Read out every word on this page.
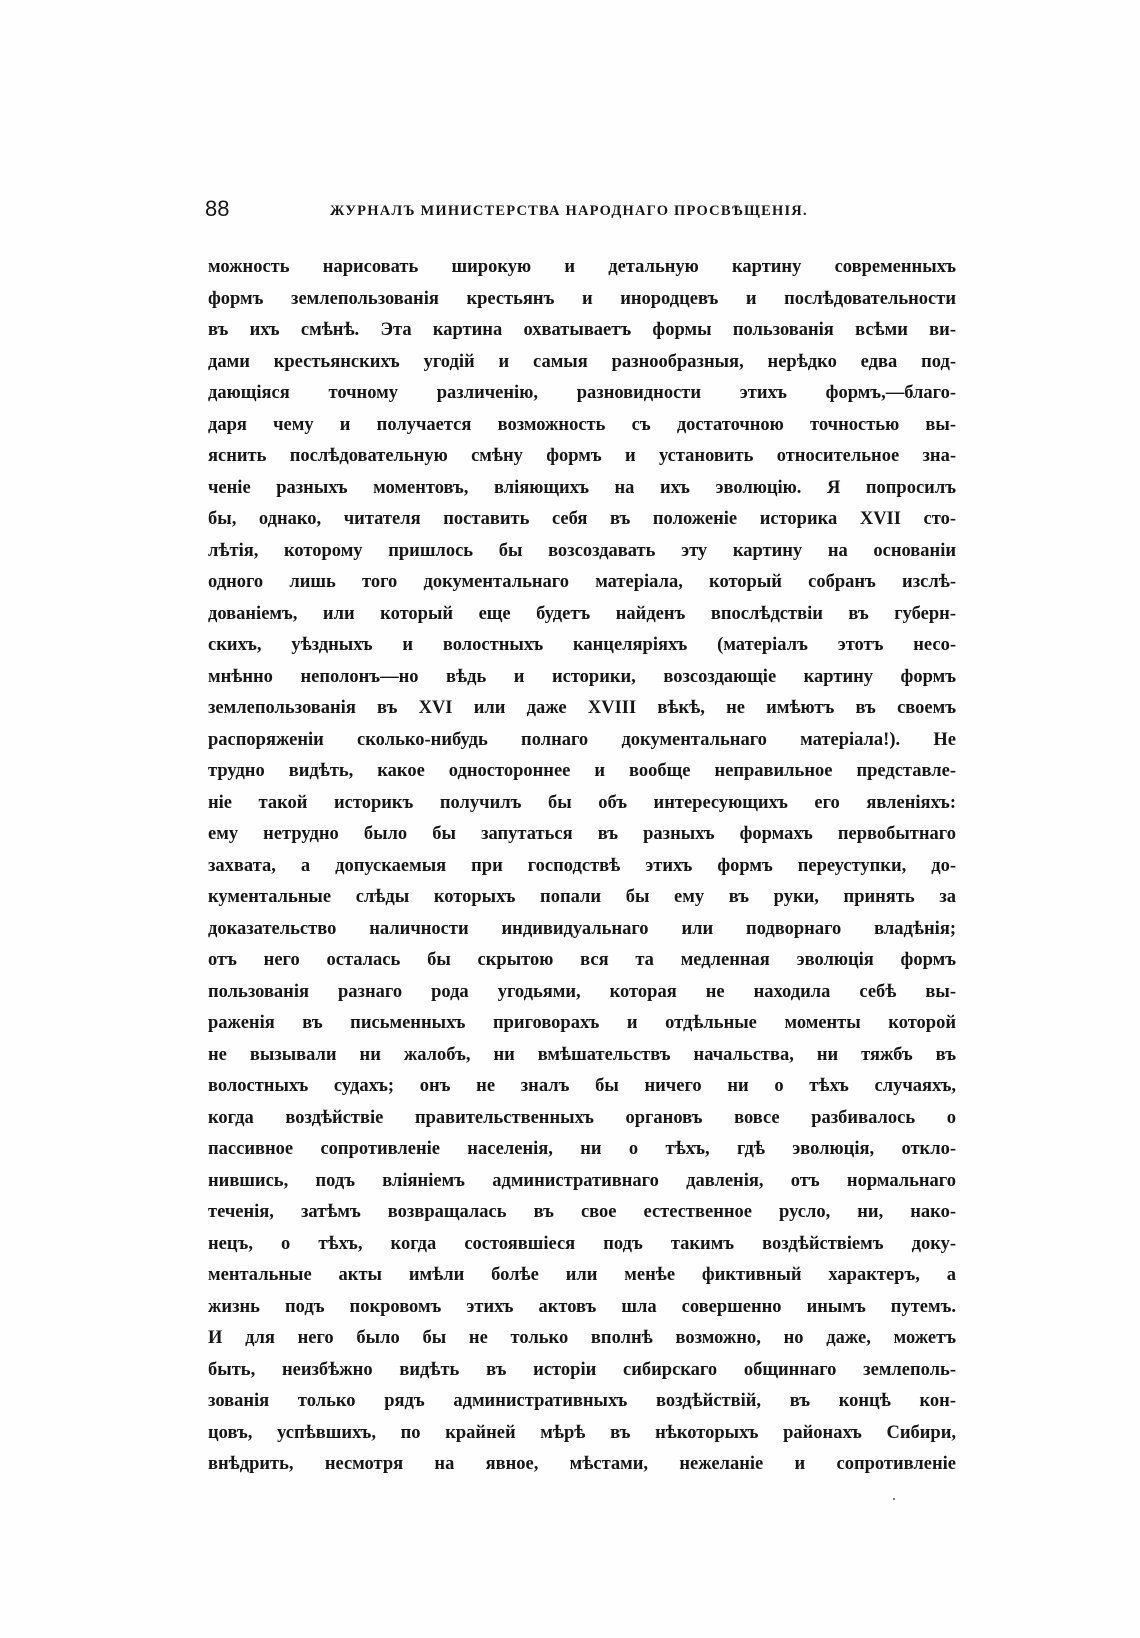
88	ЖУРНАЛЪ МИНИСТЕРСТВА НАРОДНАГО ПРОСВѢЩЕНІЯ.
можность нарисовать широкую и детальную картину современныхъ
формъ землепользованія крестьянъ и инородцевъ и послѣдовательности
въ ихъ смѣнѣ. Эта картина охватываетъ формы пользованія всѣми ви-
дами крестьянскихъ угодій и самыя разнообразныя, нерѣдко едва под-
дающіяся точному различенію, разновидности этихъ формъ,—благо-
даря чему и получается возможность съ достаточною точностью вы-
яснить послѣдовательную смѣну формъ и установить относительное зна-
ченіе разныхъ моментовъ, вліяющихъ на ихъ эволюцію. Я попросилъ
бы, однако, читателя поставить себя въ положеніе историка XVII сто-
лѣтія, которому пришлось бы возсоздавать эту картину на основаніи
одного лишь того документальнаго матеріала, который собранъ изслѣ-
дованіемъ, или который еще будетъ найденъ впослѣдствіи въ губерн-
скихъ, уѣздныхъ и волостныхъ канцеляріяхъ (матеріалъ этотъ несо-
мнѣнно неполонъ—но вѣдь и историки, возсоздающіе картину формъ
землепользованія въ XVI или даже XVIII вѣкѣ, не имѣютъ въ своемъ
распоряженіи сколько-нибудь полнаго документальнаго матеріала!). Не
трудно видѣть, какое одностороннее и вообще неправильное представле-
ніе такой историкъ получилъ бы объ интересующихъ его явленіяхъ:
ему нетрудно было бы запутаться въ разныхъ формахъ первобытнаго
захвата, а допускаемыя при господствѣ этихъ формъ переуступки, до-
кументальные слѣды которыхъ попали бы ему въ руки, принять за
доказательство наличности индивидуальнаго или подворнаго владѣнія;
отъ него осталась бы скрытою вся та медленная эволюція формъ
пользованія разнаго рода угодьями, которая не находила себѣ вы-
раженія въ письменныхъ приговорахъ и отдѣльные моменты которой
не вызывали ни жалобъ, ни вмѣшательствъ начальства, ни тяжбъ въ
волостныхъ судахъ; онъ не зналъ бы ничего ни о тѣхъ случаяхъ,
когда воздѣйствіе правительственныхъ органовъ вовсе разбивалось о
пассивное сопротивленіе населенія, ни о тѣхъ, гдѣ эволюція, откло-
нившись, подъ вліяніемъ административнаго давленія, отъ нормальнаго
теченія, затѣмъ возвращалась въ свое естественное русло, ни, нако-
нецъ, о тѣхъ, когда состоявшіеся подъ такимъ воздѣйствіемъ доку-
ментальные акты имѣли болѣе или менѣе фиктивный характеръ, а
жизнь подъ покровомъ этихъ актовъ шла совершенно инымъ путемъ.
И для него было бы не только вполнѣ возможно, но даже, можетъ
быть, неизбѣжно видѣть въ исторіи сибирскаго общиннаго землеполь-
зованія только рядъ административныхъ воздѣйствій, въ концѣ кон-
цовъ, успѣвшихъ, по крайней мѣрѣ въ нѣкоторыхъ районахъ Сибири,
внѣдрить, несмотря на явное, мѣстами, нежеланіе и сопротивленіе
